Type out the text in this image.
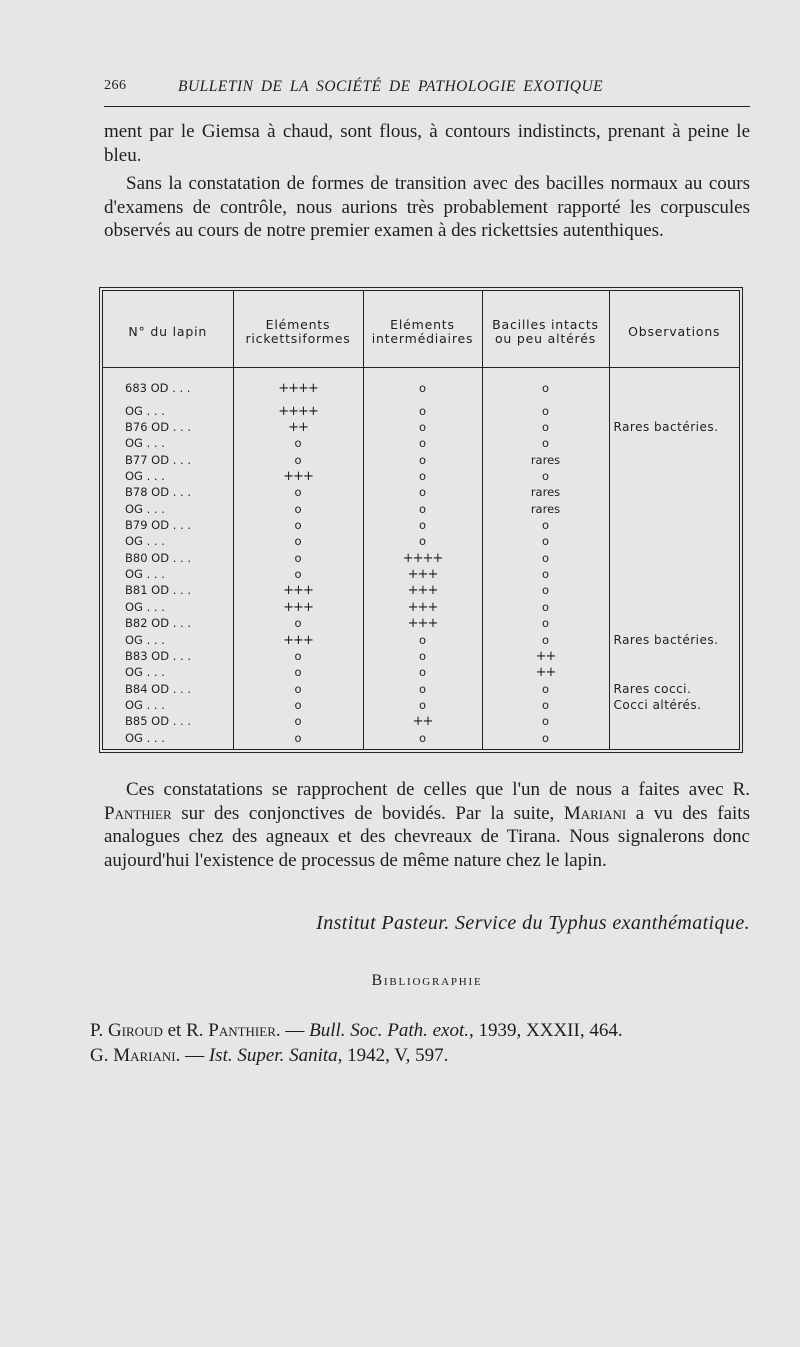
266	BULLETIN DE LA SOCIÉTÉ DE PATHOLOGIE EXOTIQUE
ment par le Giemsa à chaud, sont flous, à contours indistincts, prenant à peine le bleu.
Sans la constatation de formes de transition avec des bacilles normaux au cours d'examens de contrôle, nous aurions très probablement rapporté les corpuscules observés au cours de notre premier examen à des rickettsies autenthiques.
N° du lapin	Eléments rickettsiformes	Eléments intermédiaires	Bacilles intacts ou peu altérés	Observations
683 OD . . .	++++	o	o	
OG . . .	++++	o	o	
B76 OD . . .	++	o	o	Rares bactéries.
OG . . .	o	o	o	
B77 OD . . .	o	o	rares	
OG . . .	+++	o	o	
B78 OD . . .	o	o	rares	
OG . . .	o	o	rares	
B79 OD . . .	o	o	o	
OG . . .	o	o	o	
B80 OD . . .	o	++++	o	
OG . . .	o	+++	o	
B81 OD . . .	+++	+++	o	
OG . . .	+++	+++	o	
B82 OD . . .	o	+++	o	
OG . . .	+++	o	o	Rares bactéries.
B83 OD . . .	o	o	++	
OG . . .	o	o	++	
B84 OD . . .	o	o	o	Rares cocci.
OG . . .	o	o	o	Cocci altérés.
B85 OD . . .	o	++	o	
OG . . .	o	o	o	

Ces constatations se rapprochent de celles que l'un de nous a faites avec R. Panthier sur des conjonctives de bovidés. Par la suite, Mariani a vu des faits analogues chez des agneaux et des chevreaux de Tirana. Nous signalerons donc aujourd'hui l'existence de processus de même nature chez le lapin.
Institut Pasteur. Service du Typhus exanthématique.
Bibliographie
P. Giroud et R. Panthier. — Bull. Soc. Path. exot., 1939, XXXII, 464.
G. Mariani. — Ist. Super. Sanita, 1942, V, 597.
